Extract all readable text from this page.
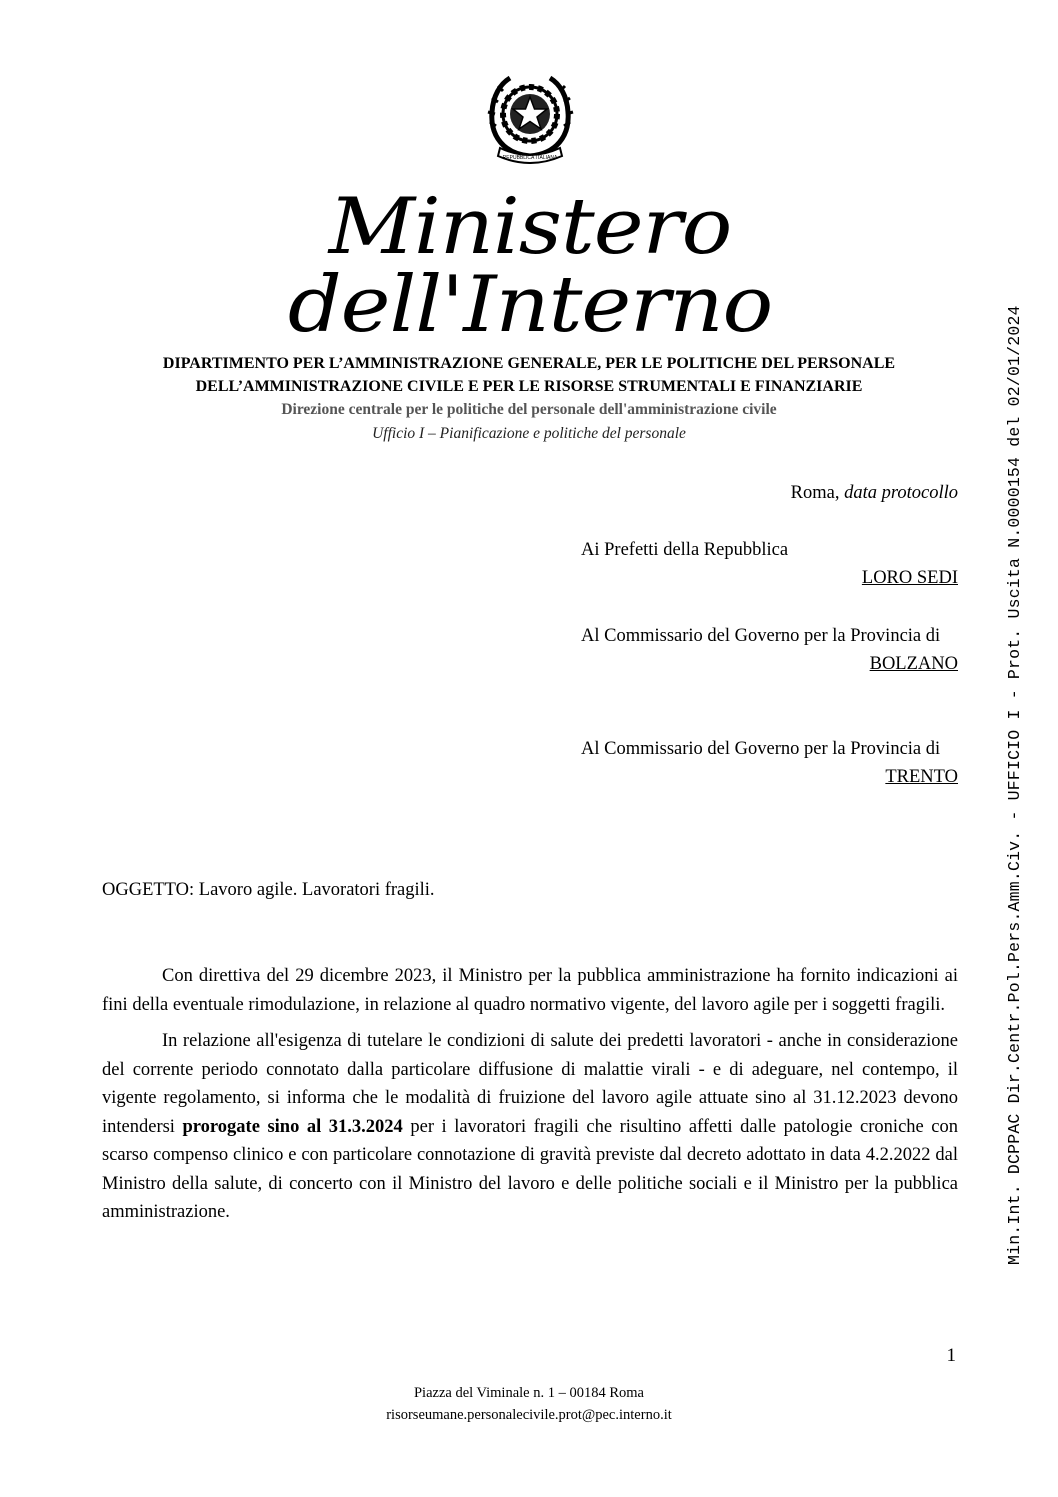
REPUBBLICA ITALIANA
Ministero dell'Interno
DIPARTIMENTO PER L’AMMINISTRAZIONE GENERALE, PER LE POLITICHE DEL PERSONALE
DELL’AMMINISTRAZIONE CIVILE E PER LE RISORSE STRUMENTALI E FINANZIARIE
Direzione centrale per le politiche del personale dell'amministrazione civile
Ufficio I – Pianificazione e politiche del personale
Roma, data protocollo
Ai Prefetti della Repubblica
LORO SEDI
Al Commissario del Governo per la Provincia di
BOLZANO
Al Commissario del Governo per la Provincia di
TRENTO
OGGETTO: Lavoro agile. Lavoratori fragili.

Con direttiva del 29 dicembre 2023, il Ministro per la pubblica amministrazione ha fornito indicazioni ai fini della eventuale rimodulazione, in relazione al quadro normativo vigente, del lavoro agile per i soggetti fragili.

In relazione all'esigenza di tutelare le condizioni di salute dei predetti lavoratori - anche in considerazione del corrente periodo connotato dalla particolare diffusione di malattie virali - e di adeguare, nel contempo, il vigente regolamento, si informa che le modalità di fruizione del lavoro agile attuate sino al 31.12.2023 devono intendersi prorogate sino al 31.3.2024 per i lavoratori fragili che risultino affetti dalle patologie croniche con scarso compenso clinico e con particolare connotazione di gravità previste dal decreto adottato in data 4.2.2022 dal Ministro della salute, di concerto con il Ministro del lavoro e delle politiche sociali e il Ministro per la pubblica amministrazione.

1
Piazza del Viminale n. 1 – 00184 Roma
risorseumane.personalecivile.prot@pec.interno.it
Min.Int. DCPPAC Dir.Centr.Pol.Pers.Amm.Civ. - UFFICIO I - Prot. Uscita N.0000154 del 02/01/2024
